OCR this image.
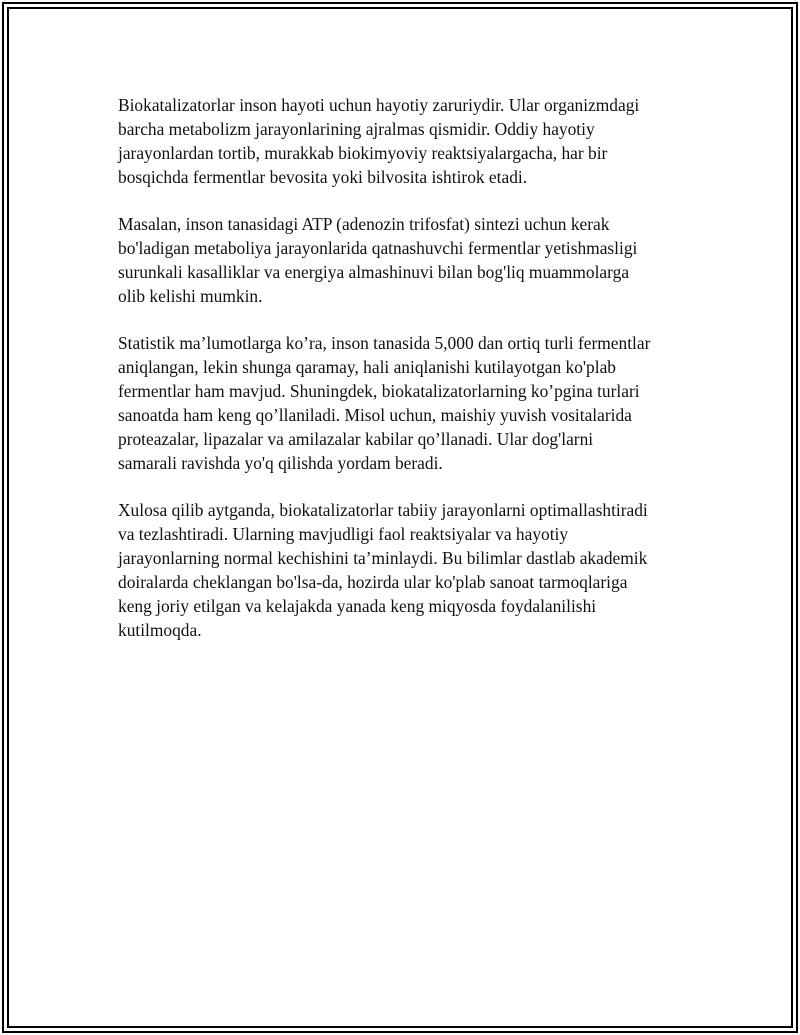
Biokatalizatorlar inson hayoti uchun hayotiy zaruriydir. Ular organizmdagi
barcha metabolizm jarayonlarining ajralmas qismidir. Oddiy hayotiy
jarayonlardan tortib, murakkab biokimyoviy reaktsiyalargacha, har bir
bosqichda fermentlar bevosita yoki bilvosita ishtirok etadi.

Masalan, inson tanasidagi ATP (adenozin trifosfat) sintezi uchun kerak
bo'ladigan metaboliya jarayonlarida qatnashuvchi fermentlar yetishmasligi
surunkali kasalliklar va energiya almashinuvi bilan bog'liq muammolarga
olib kelishi mumkin.

Statistik ma’lumotlarga ko’ra, inson tanasida 5,000 dan ortiq turli fermentlar
aniqlangan, lekin shunga qaramay, hali aniqlanishi kutilayotgan ko'plab
fermentlar ham mavjud. Shuningdek, biokatalizatorlarning ko’pgina turlari
sanoatda ham keng qo’llaniladi. Misol uchun, maishiy yuvish vositalarida
proteazalar, lipazalar va amilazalar kabilar qo’llanadi. Ular dog'larni
samarali ravishda yo'q qilishda yordam beradi.

Xulosa qilib aytganda, biokatalizatorlar tabiiy jarayonlarni optimallashtiradi
va tezlashtiradi. Ularning mavjudligi faol reaktsiyalar va hayotiy
jarayonlarning normal kechishini ta’minlaydi. Bu bilimlar dastlab akademik
doiralarda cheklangan bo'lsa-da, hozirda ular ko'plab sanoat tarmoqlariga
keng joriy etilgan va kelajakda yanada keng miqyosda foydalanilishi
kutilmoqda.
